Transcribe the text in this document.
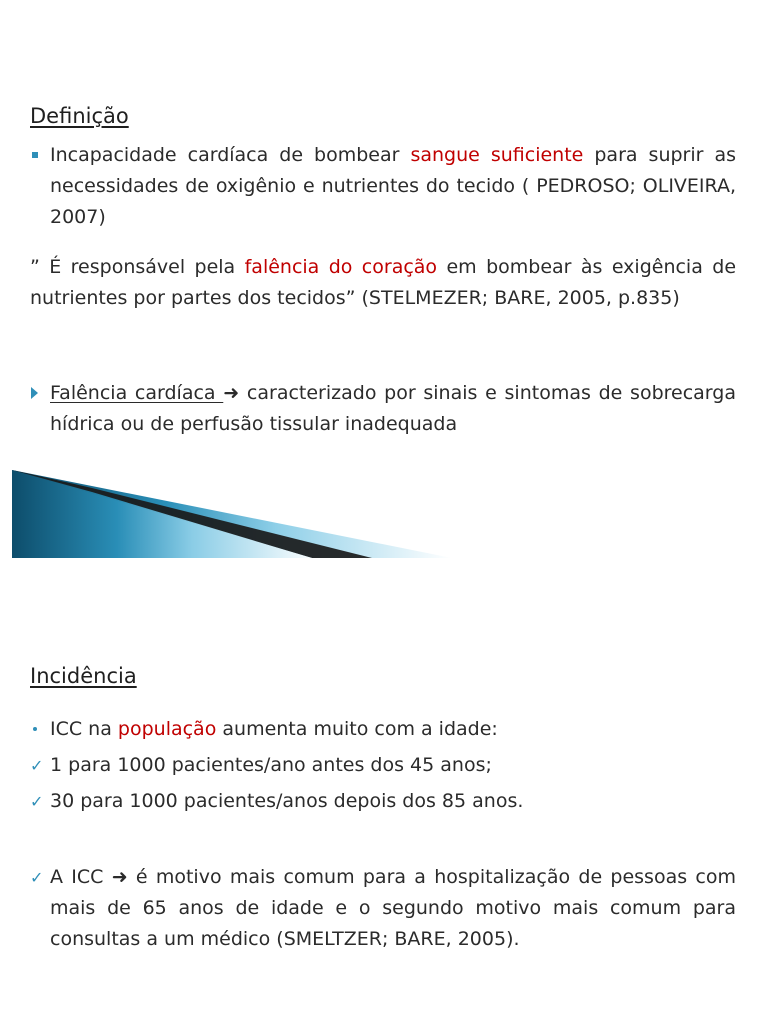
Definição
Incapacidade cardíaca de bombear sangue suficiente para suprir as necessidades de oxigênio e nutrientes do tecido ( PEDROSO; OLIVEIRA, 2007)
” É responsável pela falência do coração em bombear às exigência de nutrientes por partes dos tecidos” (STELMEZER; BARE, 2005, p.835)
Falência cardíaca ➜ caracterizado por sinais e sintomas de sobrecarga hídrica ou de perfusão tissular inadequada
Incidência
ICC na população aumenta muito com a idade:
✓ 1 para 1000 pacientes/ano antes dos 45 anos;
✓ 30 para 1000 pacientes/anos depois dos 85 anos.
✓ A ICC ➜ é motivo mais comum para a hospitalização de pessoas com mais de 65 anos de idade e o segundo motivo mais comum para consultas a um médico (SMELTZER; BARE, 2005).
